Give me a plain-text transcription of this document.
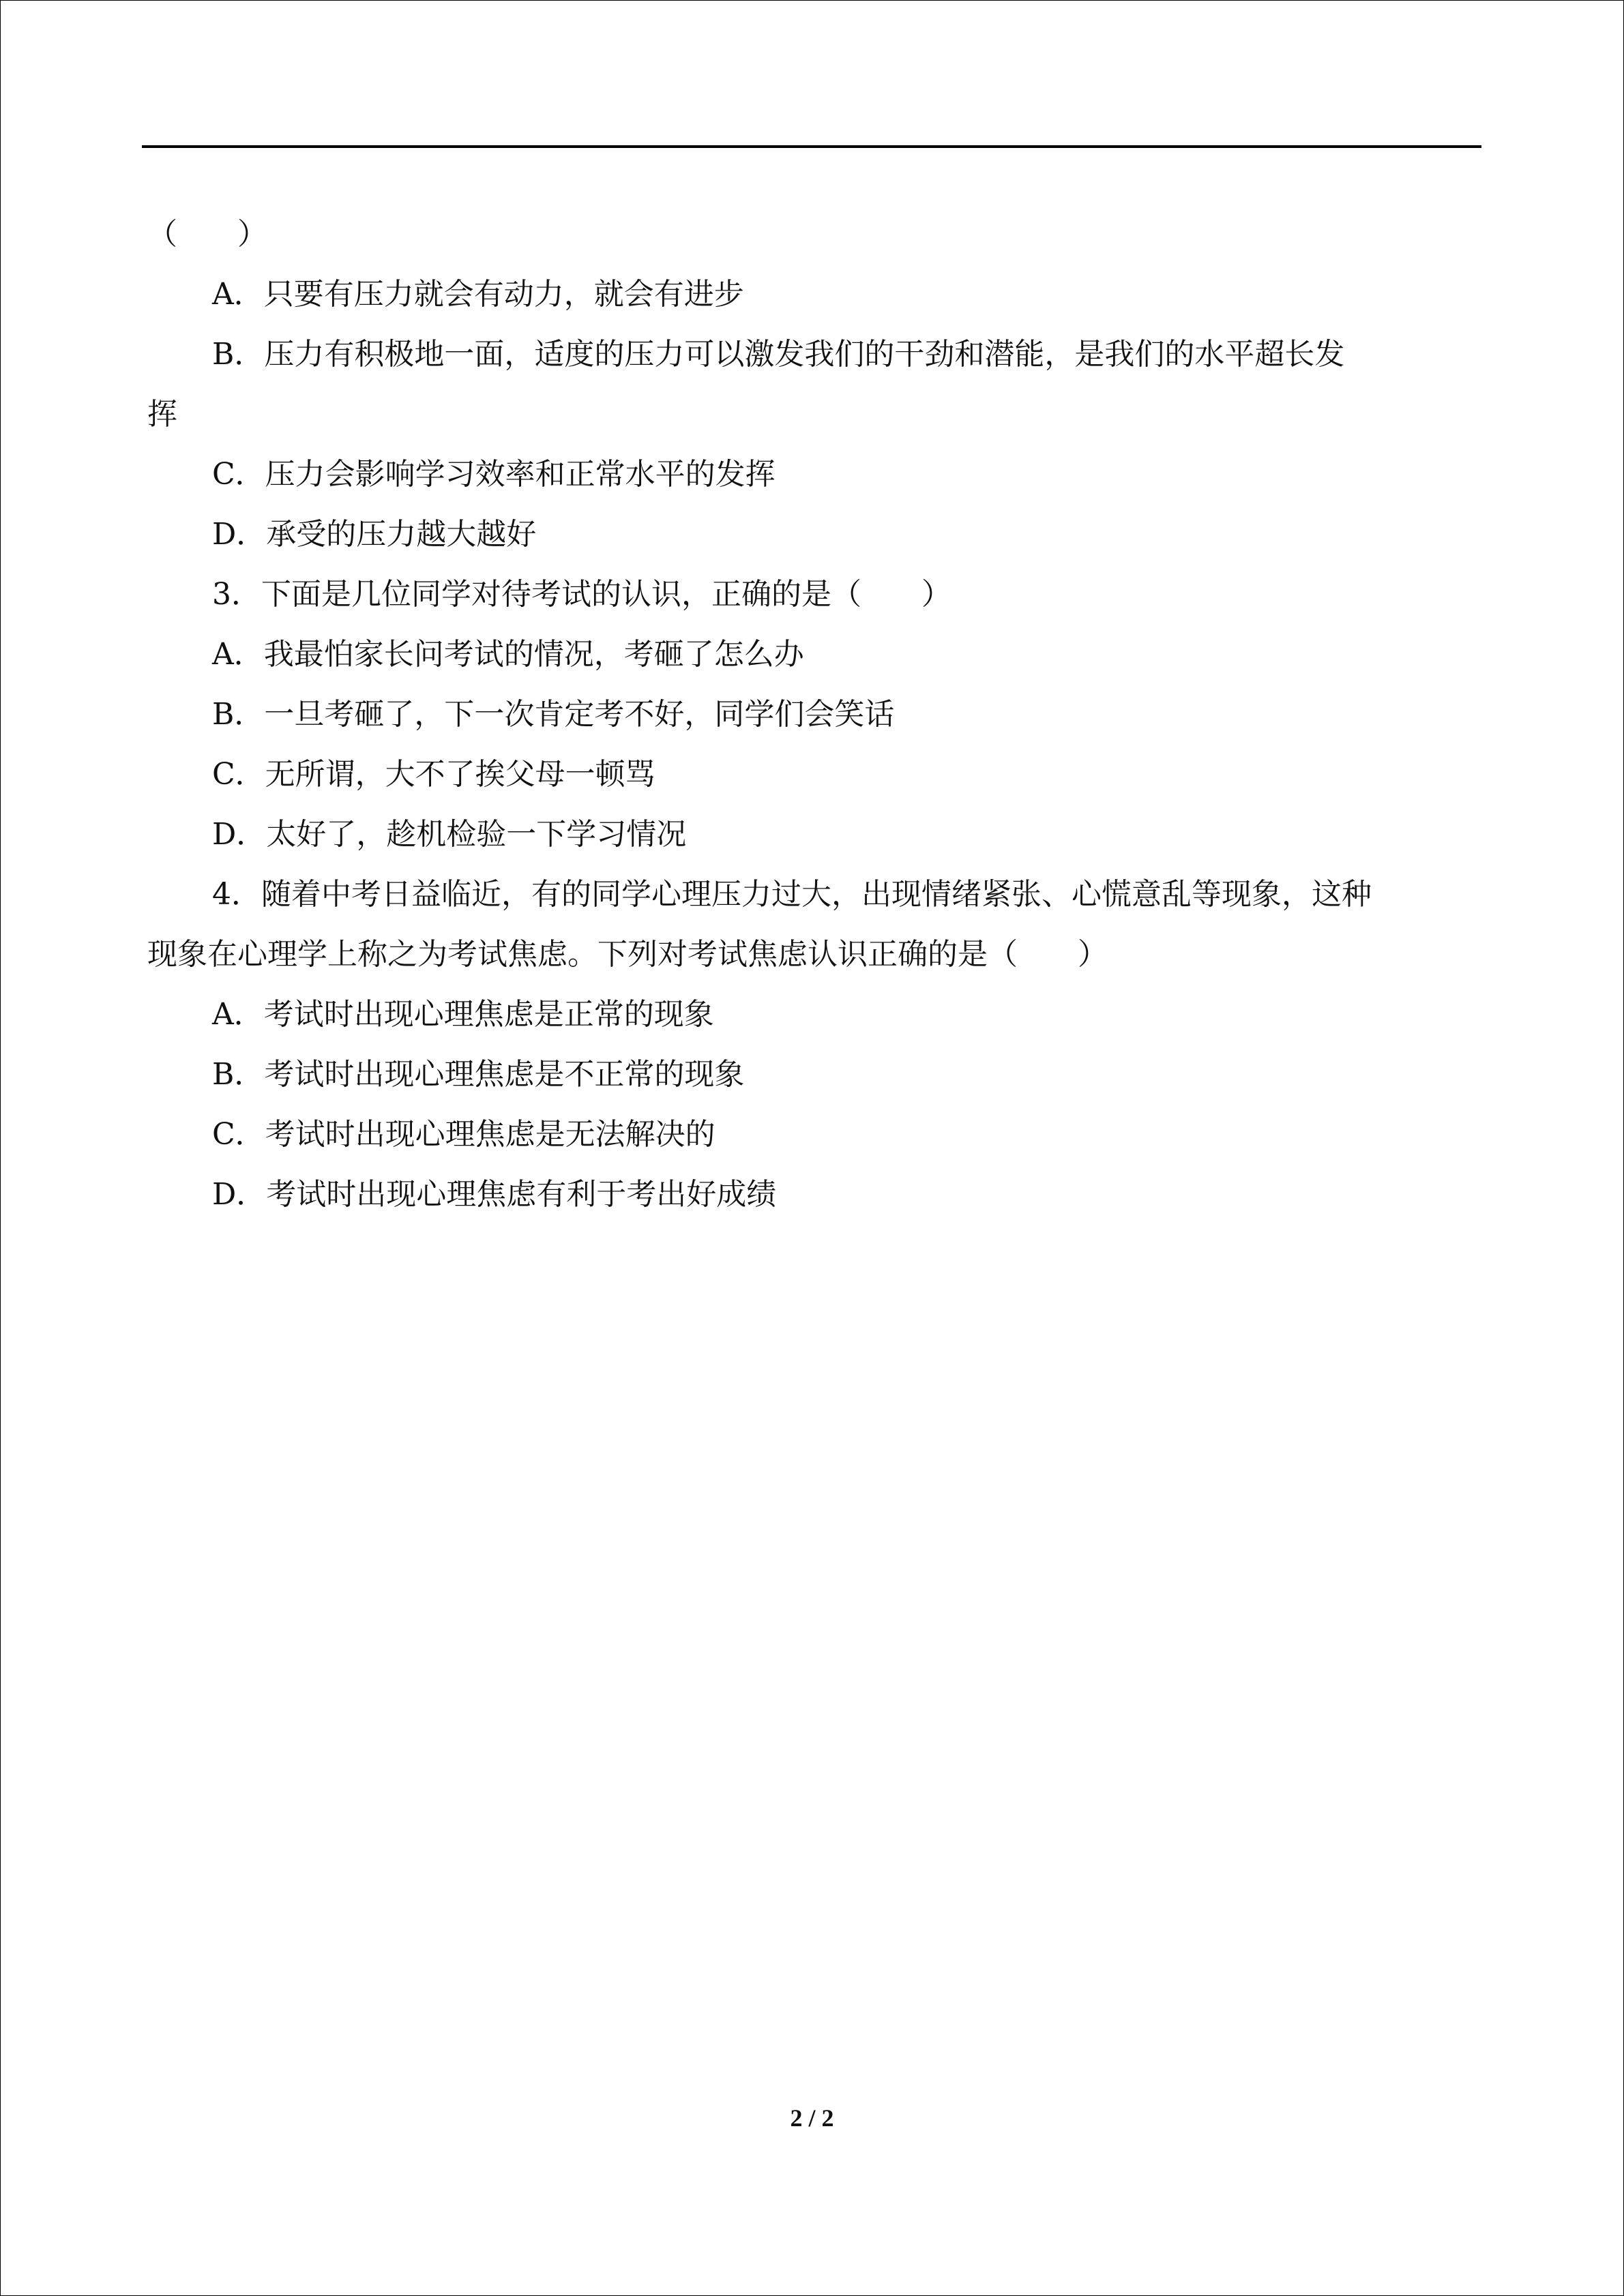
（　　）
A．只要有压力就会有动力，就会有进步
B．压力有积极地一面，适度的压力可以激发我们的干劲和潜能，是我们的水平超长发
挥
C．压力会影响学习效率和正常水平的发挥
D．承受的压力越大越好
3．下面是几位同学对待考试的认识，正确的是（　　）
A．我最怕家长问考试的情况，考砸了怎么办
B．一旦考砸了，下一次肯定考不好，同学们会笑话
C．无所谓，大不了挨父母一顿骂
D．太好了，趁机检验一下学习情况
4．随着中考日益临近，有的同学心理压力过大，出现情绪紧张、心慌意乱等现象，这种
现象在心理学上称之为考试焦虑。下列对考试焦虑认识正确的是（　　）
A．考试时出现心理焦虑是正常的现象
B．考试时出现心理焦虑是不正常的现象
C．考试时出现心理焦虑是无法解决的
D．考试时出现心理焦虑有利于考出好成绩
2 / 2
